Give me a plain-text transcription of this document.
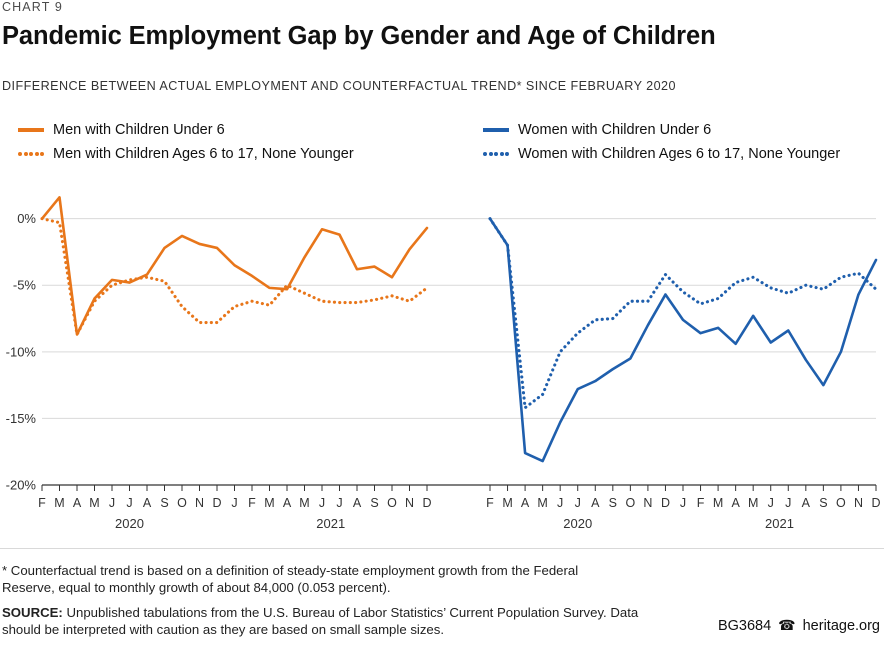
CHART 9
Pandemic Employment Gap by Gender and Age of Children
DIFFERENCE BETWEEN ACTUAL EMPLOYMENT AND COUNTERFACTUAL TREND* SINCE FEBRUARY 2020
Men with Children Under 6
Men with Children Ages 6 to 17, None Younger
Women with Children Under 6
Women with Children Ages 6 to 17, None Younger
0%
-5%
-10%
-15%
-20%
F M A M J J A S O N D J F M A M J J A S O N D
2020	2021
F M A M J J A S O N D J F M A M J J A S O N D
2020	2021
* Counterfactual trend is based on a definition of steady-state employment growth from the Federal Reserve, equal to monthly growth of about 84,000 (0.053 percent).
SOURCE: Unpublished tabulations from the U.S. Bureau of Labor Statistics’ Current Population Survey. Data should be interpreted with caution as they are based on small sample sizes.	BG3684 ☎ heritage.org
